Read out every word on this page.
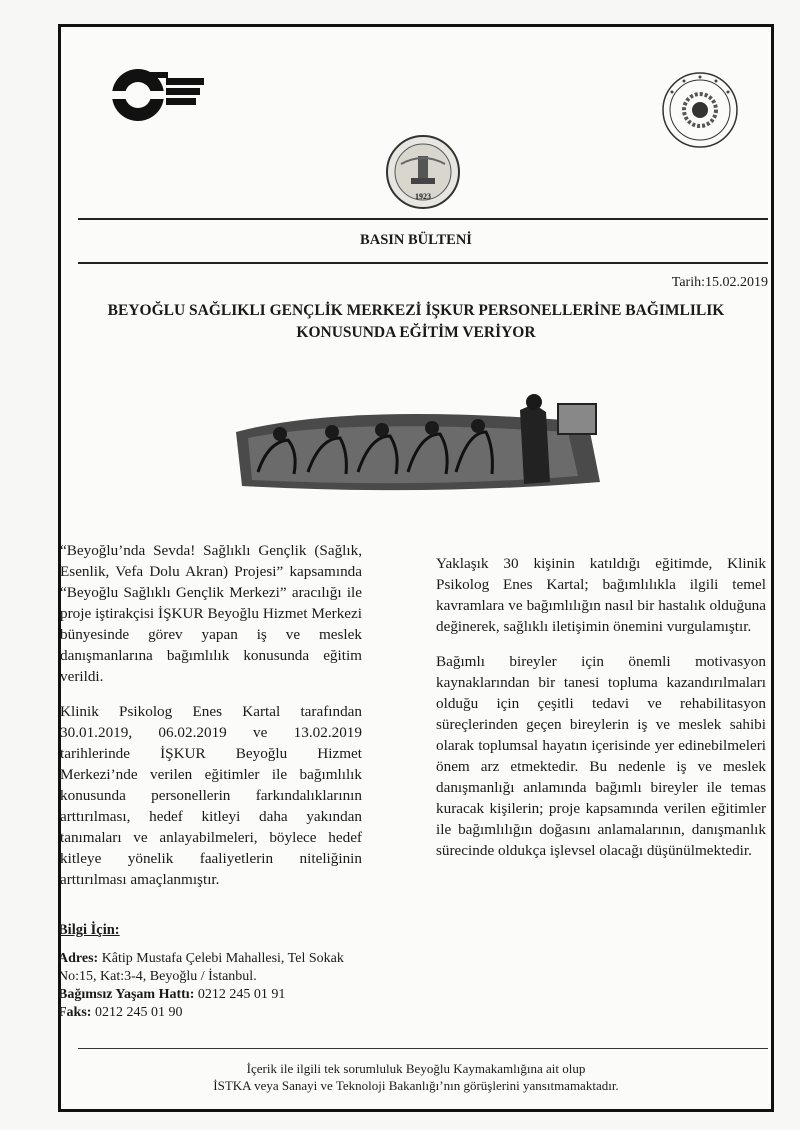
1923
BASIN BÜLTENİ
Tarih:15.02.2019
BEYOĞLU SAĞLIKLI GENÇLİK MERKEZİ İŞKUR PERSONELLERİNE BAĞIMLILIK
KONUSUNDA EĞİTİM VERİYOR

“Beyoğlu’nda Sevda! Sağlıklı Gençlik (Sağlık, Esenlik, Vefa Dolu Akran) Projesi” kapsamında “Beyoğlu Sağlıklı Gençlik Merkezi” aracılığı ile proje iştirakçisi İŞKUR Beyoğlu Hizmet Merkezi bünyesinde görev yapan iş ve meslek danışmanlarına bağımlılık konusunda eğitim verildi.

Klinik Psikolog Enes Kartal tarafından 30.01.2019, 06.02.2019 ve 13.02.2019 tarihlerinde İŞKUR Beyoğlu Hizmet Merkezi’nde verilen eğitimler ile bağımlılık konusunda personellerin farkındalıklarının arttırılması, hedef kitleyi daha yakından tanımaları ve anlayabilmeleri, böylece hedef kitleye yönelik faaliyetlerin niteliğinin arttırılması amaçlanmıştır.

Yaklaşık 30 kişinin katıldığı eğitimde, Klinik Psikolog Enes Kartal; bağımlılıkla ilgili temel kavramlara ve bağımlılığın nasıl bir hastalık olduğuna değinerek, sağlıklı iletişimin önemini vurgulamıştır.

Bağımlı bireyler için önemli motivasyon kaynaklarından bir tanesi topluma kazandırılmaları olduğu için çeşitli tedavi ve rehabilitasyon süreçlerinden geçen bireylerin iş ve meslek sahibi olarak toplumsal hayatın içerisinde yer edinebilmeleri önem arz etmektedir. Bu nedenle iş ve meslek danışmanlığı anlamında bağımlı bireyler ile temas kuracak kişilerin; proje kapsamında verilen eğitimler ile bağımlılığın doğasını anlamalarının, danışmanlık sürecinde oldukça işlevsel olacağı düşünülmektedir.

Bilgi İçin:
Adres: Kâtip Mustafa Çelebi Mahallesi, Tel Sokak
No:15, Kat:3-4, Beyoğlu / İstanbul.
Bağımsız Yaşam Hattı: 0212 245 01 91
Faks: 0212 245 01 90
İçerik ile ilgili tek sorumluluk Beyoğlu Kaymakamlığına ait olup
İSTKA veya Sanayi ve Teknoloji Bakanlığı’nın görüşlerini yansıtmamaktadır.
